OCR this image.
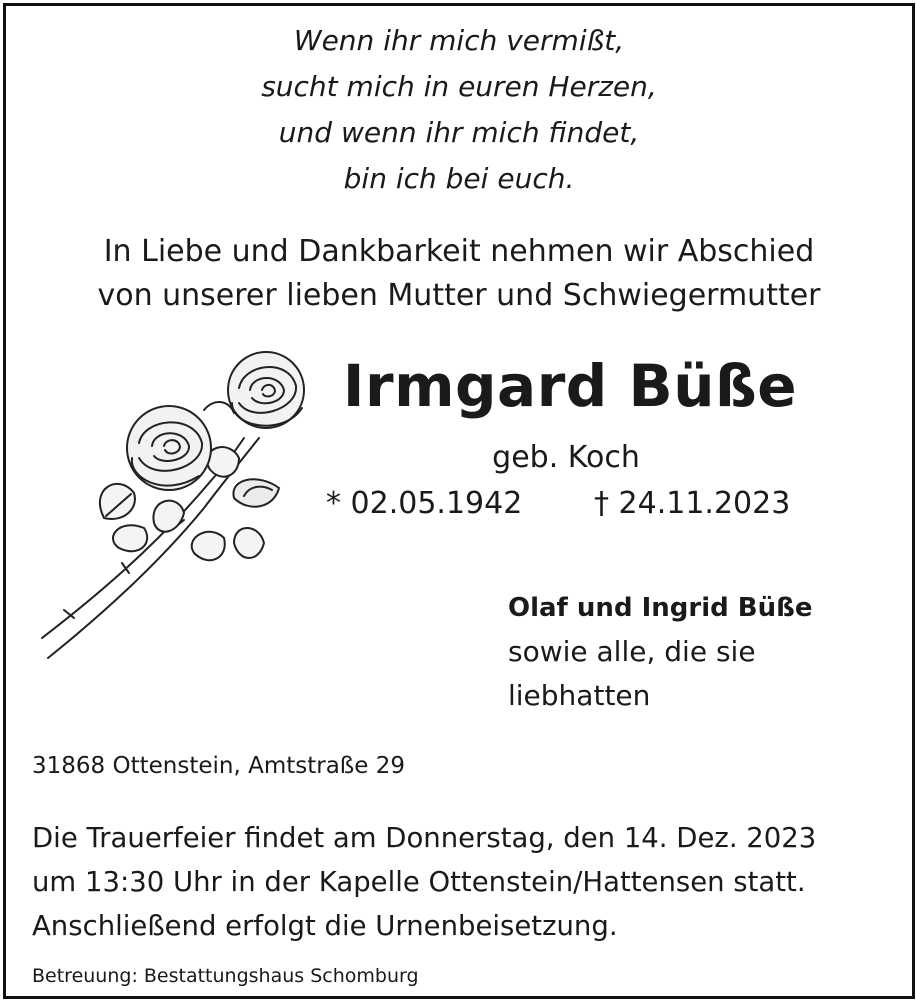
Wenn ihr mich vermißt,
sucht mich in euren Herzen,
und wenn ihr mich findet,
bin ich bei euch.
In Liebe und Dankbarkeit nehmen wir Abschied
von unserer lieben Mutter und Schwiegermutter
Irmgard Büße
geb. Koch
* 02.05.1942 † 24.11.2023
Olaf und Ingrid Büße
sowie alle, die sie
liebhatten
31868 Ottenstein, Amtstraße 29
Die Trauerfeier findet am Donnerstag, den 14. Dez. 2023
um 13:30 Uhr in der Kapelle Ottenstein/Hattensen statt.
Anschließend erfolgt die Urnenbeisetzung.
Betreuung: Bestattungshaus Schomburg
